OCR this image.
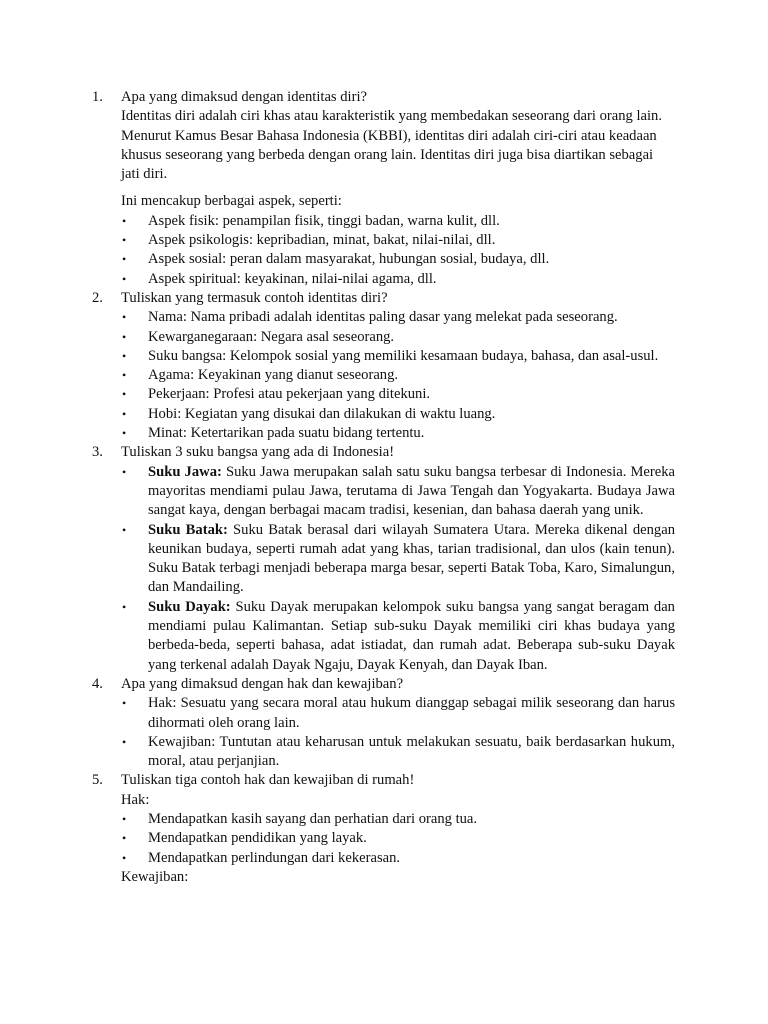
1. Apa yang dimaksud dengan identitas diri?
Identitas diri adalah ciri khas atau karakteristik yang membedakan seseorang dari orang lain. Menurut Kamus Besar Bahasa Indonesia (KBBI), identitas diri adalah ciri-ciri atau keadaan khusus seseorang yang berbeda dengan orang lain. Identitas diri juga bisa diartikan sebagai jati diri.
Ini mencakup berbagai aspek, seperti:
• Aspek fisik: penampilan fisik, tinggi badan, warna kulit, dll.
• Aspek psikologis: kepribadian, minat, bakat, nilai-nilai, dll.
• Aspek sosial: peran dalam masyarakat, hubungan sosial, budaya, dll.
• Aspek spiritual: keyakinan, nilai-nilai agama, dll.
2. Tuliskan yang termasuk contoh identitas diri?
• Nama: Nama pribadi adalah identitas paling dasar yang melekat pada seseorang.
• Kewarganegaraan: Negara asal seseorang.
• Suku bangsa: Kelompok sosial yang memiliki kesamaan budaya, bahasa, dan asal-usul.
• Agama: Keyakinan yang dianut seseorang.
• Pekerjaan: Profesi atau pekerjaan yang ditekuni.
• Hobi: Kegiatan yang disukai dan dilakukan di waktu luang.
• Minat: Ketertarikan pada suatu bidang tertentu.
3. Tuliskan 3 suku bangsa yang ada di Indonesia!
• Suku Jawa: Suku Jawa merupakan salah satu suku bangsa terbesar di Indonesia. Mereka mayoritas mendiami pulau Jawa, terutama di Jawa Tengah dan Yogyakarta. Budaya Jawa sangat kaya, dengan berbagai macam tradisi, kesenian, dan bahasa daerah yang unik.
• Suku Batak: Suku Batak berasal dari wilayah Sumatera Utara. Mereka dikenal dengan keunikan budaya, seperti rumah adat yang khas, tarian tradisional, dan ulos (kain tenun). Suku Batak terbagi menjadi beberapa marga besar, seperti Batak Toba, Karo, Simalungun, dan Mandailing.
• Suku Dayak: Suku Dayak merupakan kelompok suku bangsa yang sangat beragam dan mendiami pulau Kalimantan. Setiap sub-suku Dayak memiliki ciri khas budaya yang berbeda-beda, seperti bahasa, adat istiadat, dan rumah adat. Beberapa sub-suku Dayak yang terkenal adalah Dayak Ngaju, Dayak Kenyah, dan Dayak Iban.
4. Apa yang dimaksud dengan hak dan kewajiban?
• Hak: Sesuatu yang secara moral atau hukum dianggap sebagai milik seseorang dan harus dihormati oleh orang lain.
• Kewajiban: Tuntutan atau keharusan untuk melakukan sesuatu, baik berdasarkan hukum, moral, atau perjanjian.
5. Tuliskan tiga contoh hak dan kewajiban di rumah!
Hak:
• Mendapatkan kasih sayang dan perhatian dari orang tua.
• Mendapatkan pendidikan yang layak.
• Mendapatkan perlindungan dari kekerasan.
Kewajiban:
